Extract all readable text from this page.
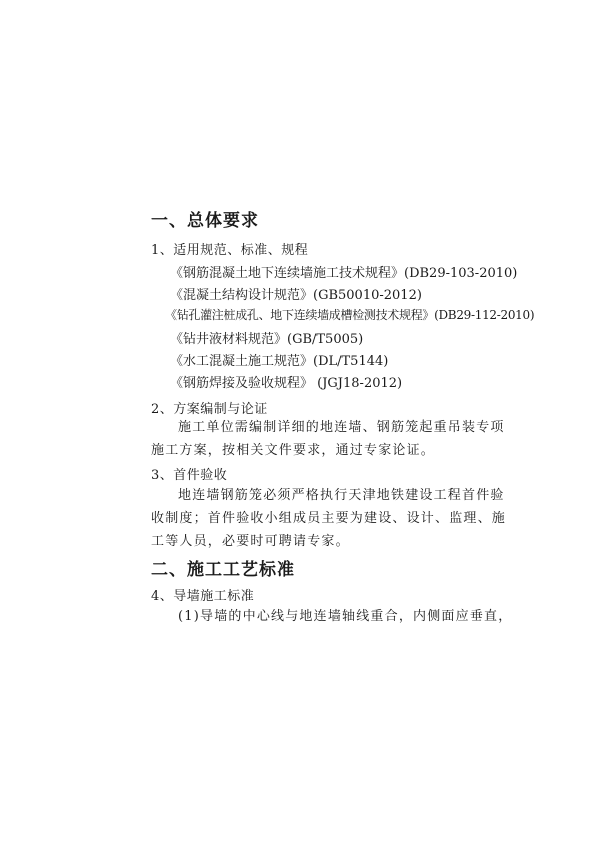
一、总体要求
1、适用规范、标准、规程
《钢筋混凝土地下连续墙施工技术规程》(DB29-103-2010)
《混凝土结构设计规范》(GB50010-2012)
《钻孔灌注桩成孔、地下连续墙成槽检测技术规程》(DB29-112-2010)
《钻井液材料规范》(GB/T5005)
《水工混凝土施工规范》(DL/T5144)
《钢筋焊接及验收规程》 (JGJ18-2012)
2、方案编制与论证
施工单位需编制详细的地连墙、钢筋笼起重吊装专项
施工方案，按相关文件要求，通过专家论证。
3、首件验收
地连墙钢筋笼必须严格执行天津地铁建设工程首件验
收制度；首件验收小组成员主要为建设、设计、监理、施
工等人员，必要时可聘请专家。
二、施工工艺标准
4、导墙施工标准
(1)导墙的中心线与地连墙轴线重合，内侧面应垂直，
